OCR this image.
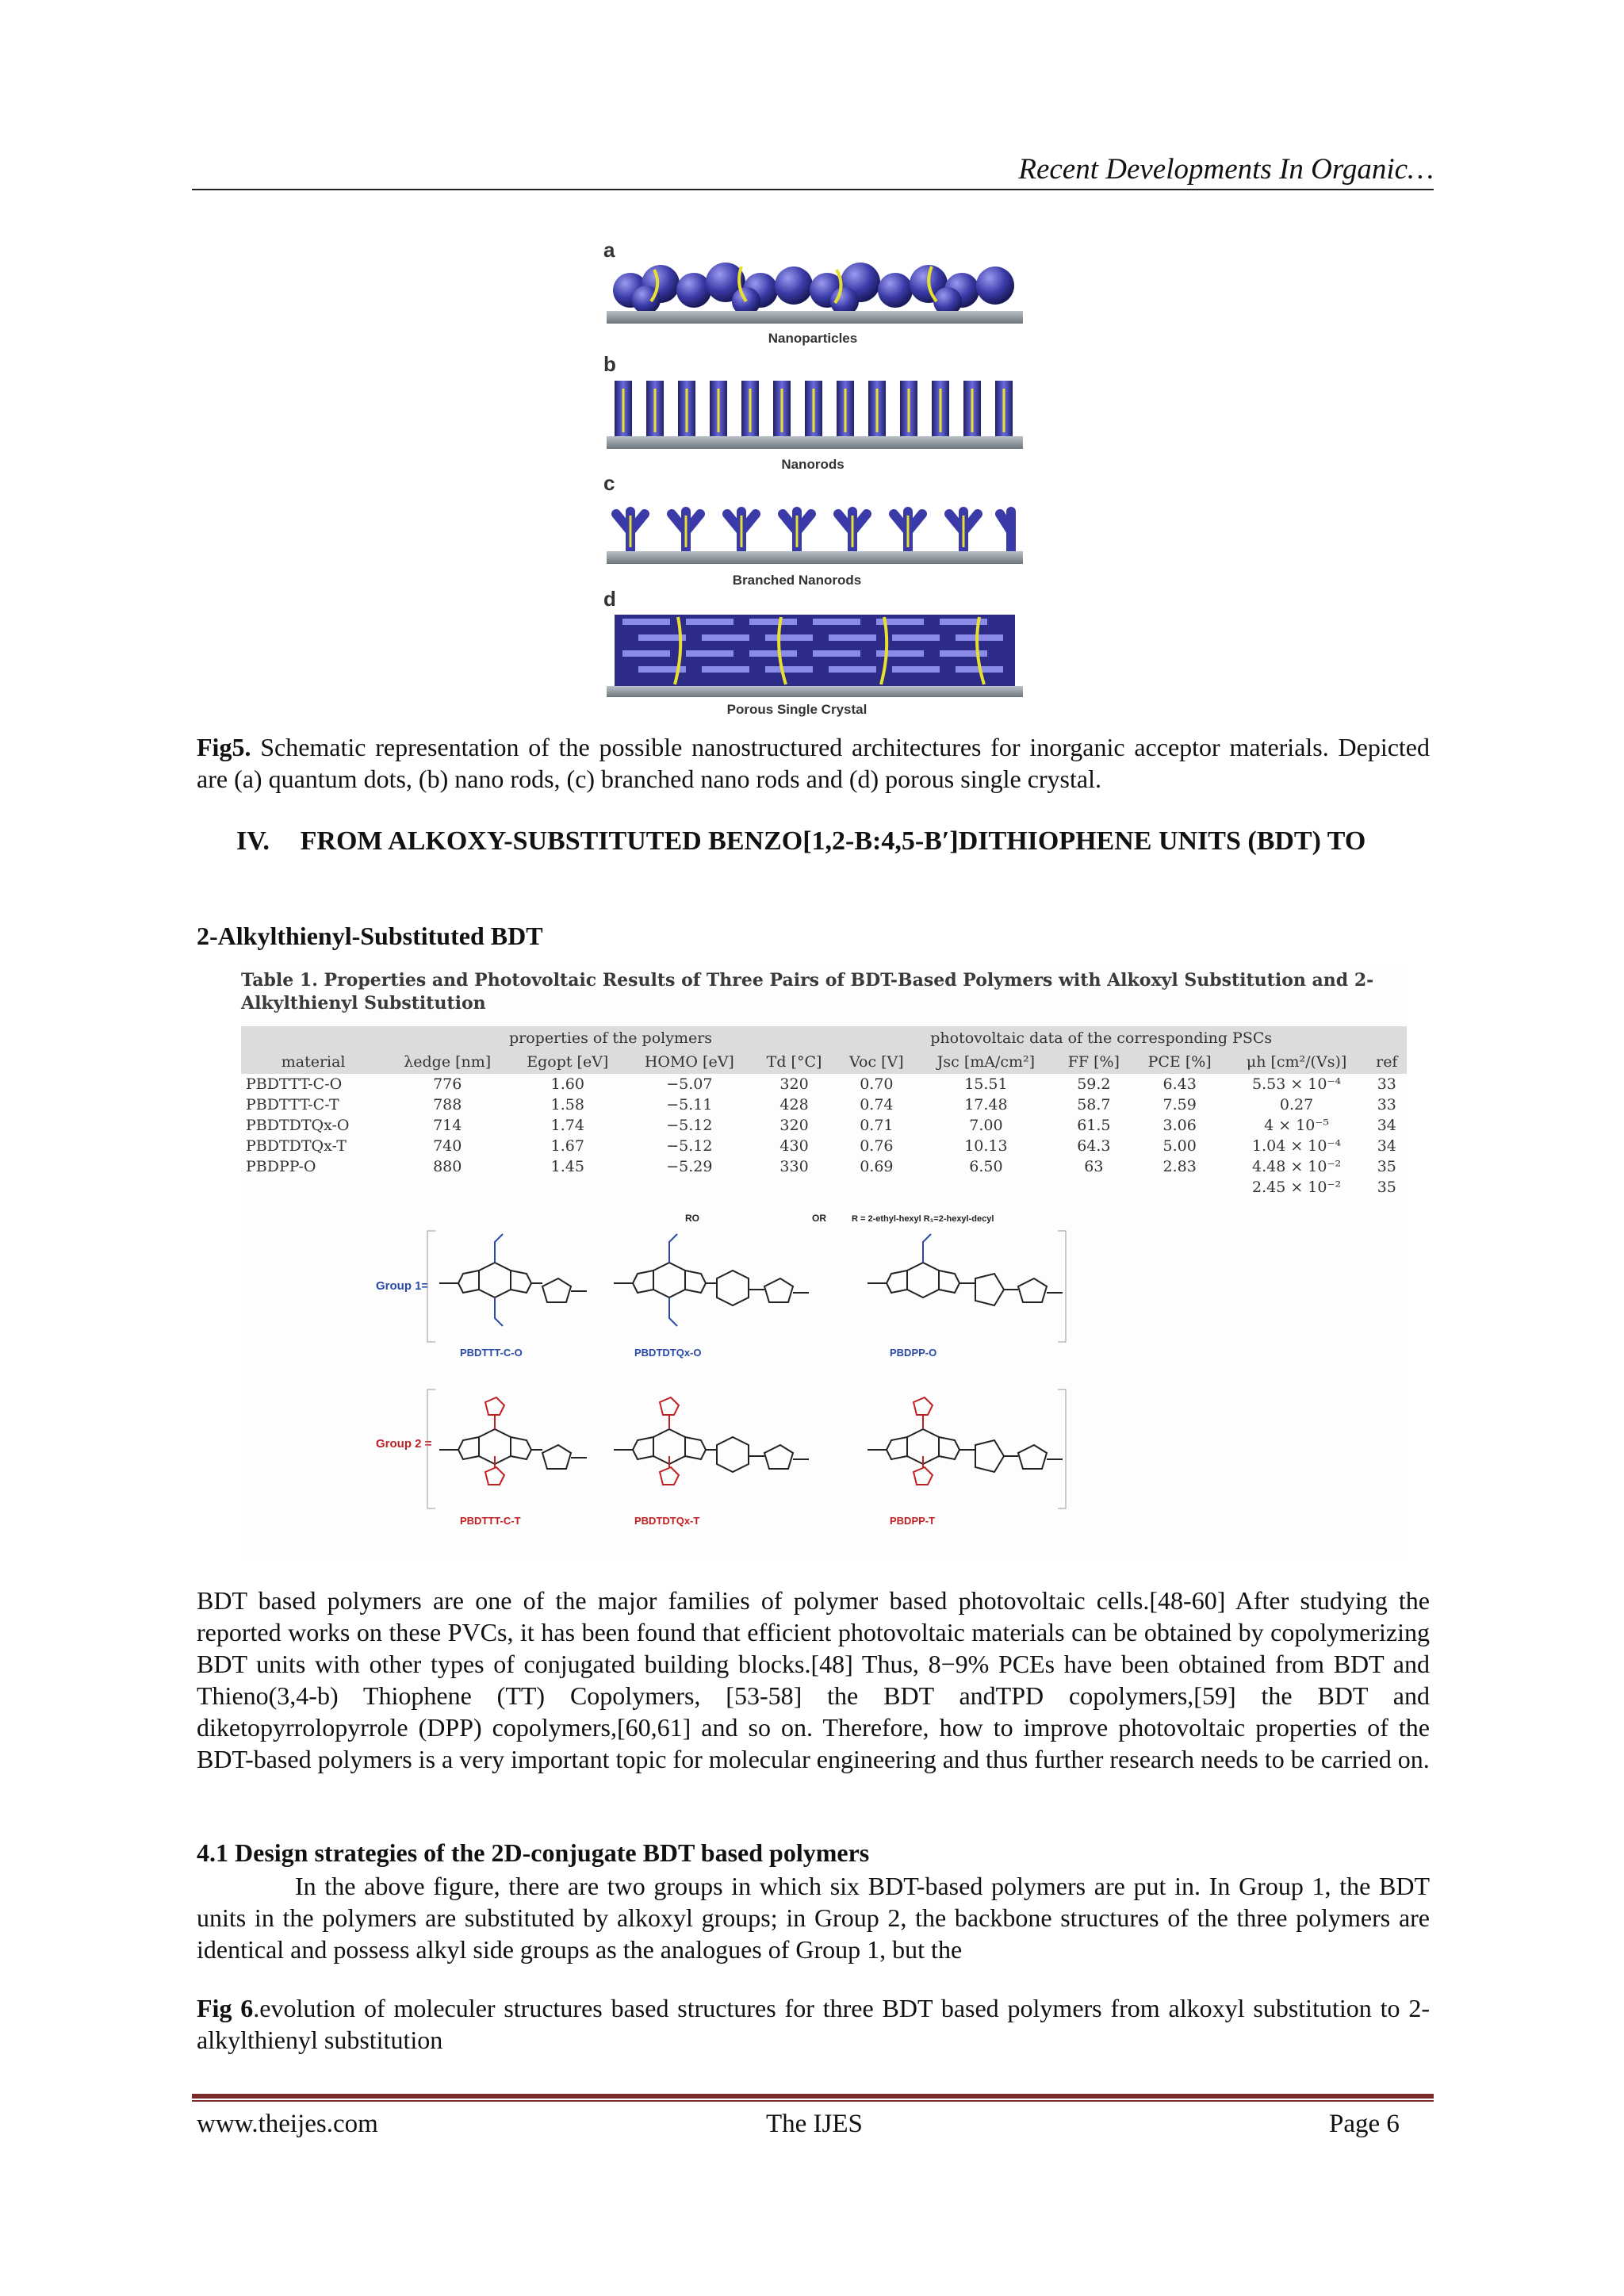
Recent Developments In Organic…
a
Nanoparticles
b
Nanorods
c
Branched Nanorods
d
Porous Single Crystal
Fig5. Schematic representation of the possible nanostructured architectures for inorganic acceptor materials. Depicted are (a) quantum dots, (b) nano rods, (c) branched nano rods and (d) porous single crystal.
IV.	FROM ALKOXY-SUBSTITUTED BENZO[1,2-B:4,5-B′]DITHIOPHENE UNITS (BDT) TO
2-Alkylthienyl-Substituted BDT
Table 1. Properties and Photovoltaic Results of Three Pairs of BDT-Based Polymers with Alkoxyl Substitution and 2-Alkylthienyl Substitution
	properties of the polymers				photovoltaic data of the corresponding PSCs					
material	λedge [nm]	Egopt [eV]	HOMO [eV]	Td [°C]	Voc [V]	Jsc [mA/cm²]	FF [%]	PCE [%]	μh [cm²/(Vs)]	ref
PBDTTT-C-O	776	1.60	−5.07	320	0.70	15.51	59.2	6.43	5.53 × 10⁻⁴	33
PBDTTT-C-T	788	1.58	−5.11	428	0.74	17.48	58.7	7.59	0.27	33
PBDTDTQx-O	714	1.74	−5.12	320	0.71	7.00	61.5	3.06	4 × 10⁻⁵	34
PBDTDTQx-T	740	1.67	−5.12	430	0.76	10.13	64.3	5.00	1.04 × 10⁻⁴	34
PBDPP-O	880	1.45	−5.29	330	0.69	6.50	63	2.83	4.48 × 10⁻²	35
									2.45 × 10⁻²	35
Group 1=
Group 2 =
R = 2-ethyl-hexyl R₁=2-hexyl-decyl
RO	OR
PBDTTT-C-O	PBDTDTQx-O	PBDPP-O
PBDTTT-C-T	PBDTDTQx-T	PBDPP-T
BDT based polymers are one of the major families of polymer based photovoltaic cells.[48-60] After studying the reported works on these PVCs, it has been found that efficient photovoltaic materials can be obtained by copolymerizing BDT units with other types of conjugated building blocks.[48] Thus, 8−9% PCEs have been obtained from BDT and Thieno(3,4-b) Thiophene (TT) Copolymers, [53-58] the BDT andTPD copolymers,[59] the BDT and diketopyrrolopyrrole (DPP) copolymers,[60,61] and so on. Therefore, how to improve photovoltaic properties of the BDT-based polymers is a very important topic for molecular engineering and thus further research needs to be carried on.
4.1 Design strategies of the 2D-conjugate BDT based polymers
In the above figure, there are two groups in which six BDT-based polymers are put in. In Group 1, the BDT units in the polymers are substituted by alkoxyl groups; in Group 2, the backbone structures of the three polymers are identical and possess alkyl side groups as the analogues of Group 1, but the
Fig 6.evolution of moleculer structures based structures for three BDT based polymers from alkoxyl substitution to 2-alkylthienyl substitution
www.theijes.com	The IJES	Page 6
